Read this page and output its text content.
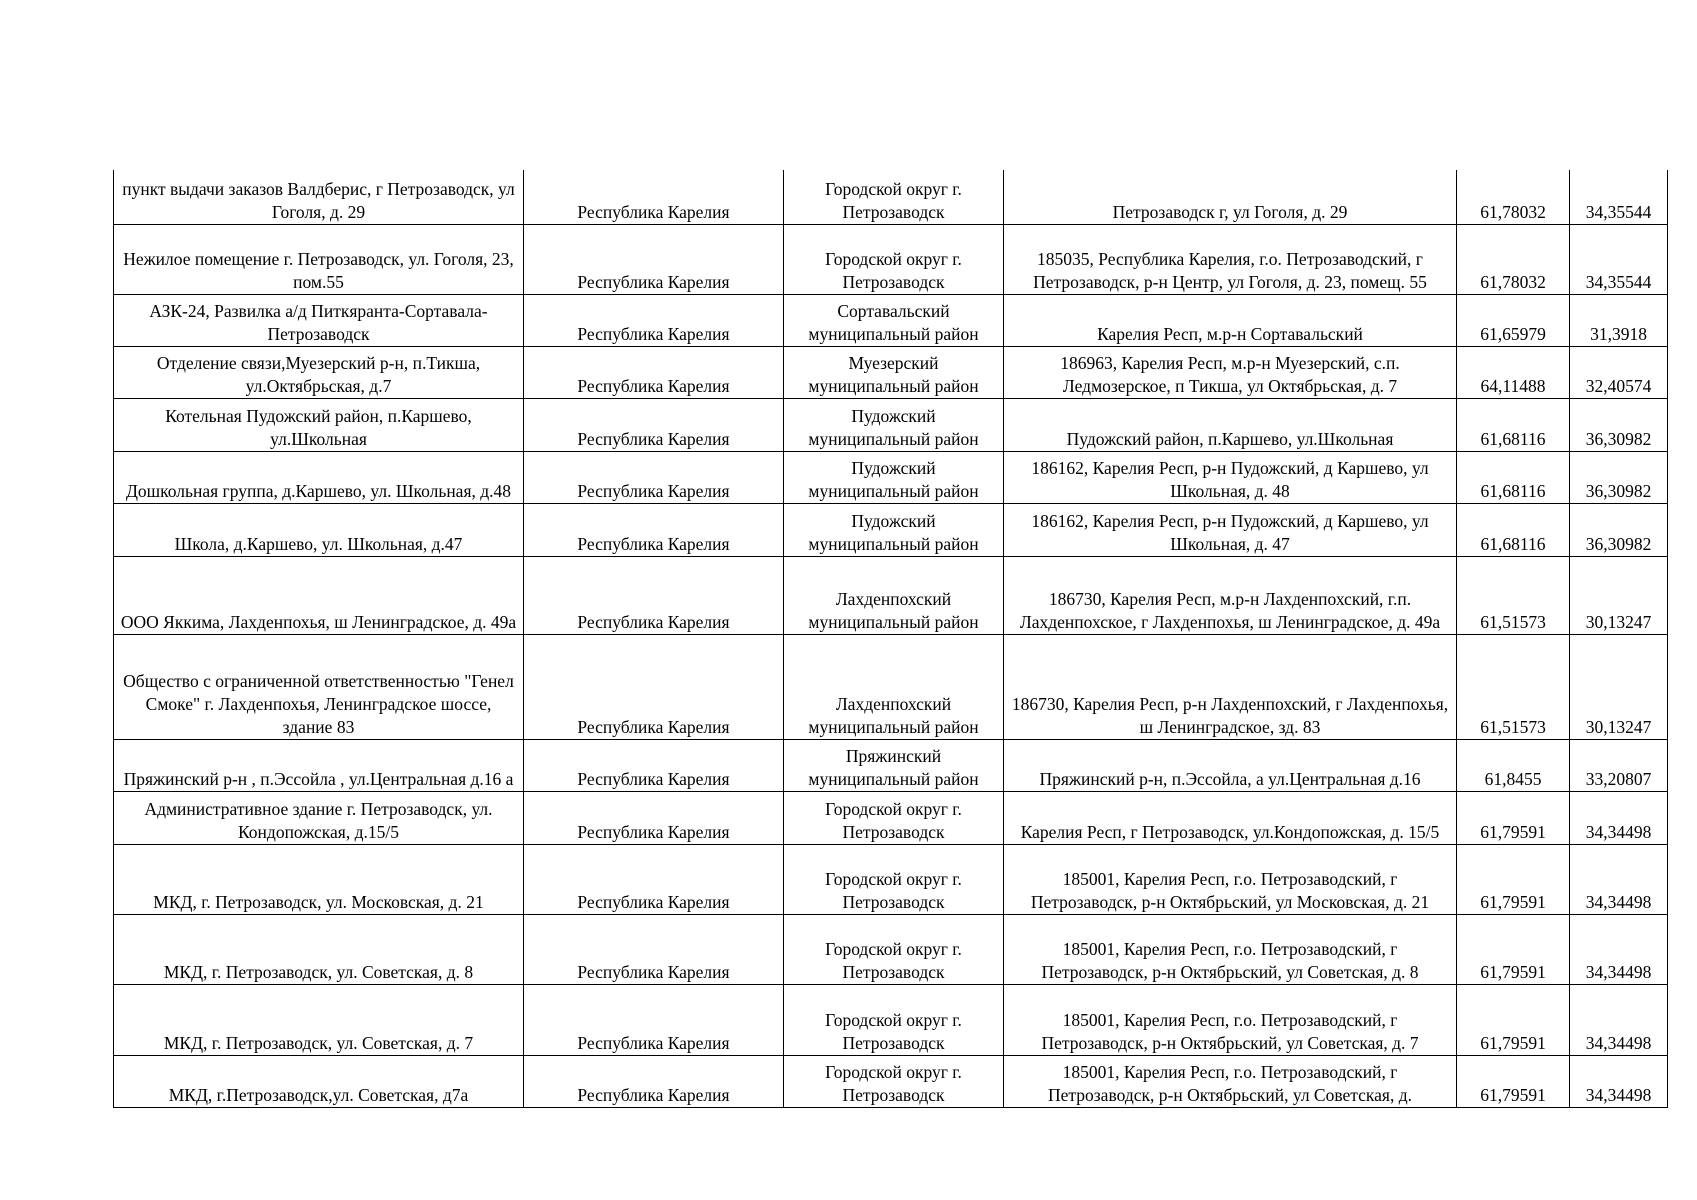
пункт выдачи заказов Валдберис, г Петрозаводск, ул Гоголя, д. 29	Республика Карелия	Городской округ г. Петрозаводск	Петрозаводск г, ул Гоголя, д. 29	61,78032	34,35544
Нежилое помещение г. Петрозаводск, ул. Гоголя, 23, пом.55	Республика Карелия	Городской округ г. Петрозаводск	185035, Республика Карелия, г.о. Петрозаводский, г Петрозаводск, р-н Центр, ул Гоголя, д. 23, помещ. 55	61,78032	34,35544
АЗК-24, Развилка а/д Питкяранта-Сортавала-Петрозаводск	Республика Карелия	Сортавальский муниципальный район	Карелия Респ, м.р-н Сортавальский	61,65979	31,3918
Отделение связи,Муезерский р-н, п.Тикша, ул.Октябрьская, д.7	Республика Карелия	Муезерский муниципальный район	186963, Карелия Респ, м.р-н Муезерский, с.п. Ледмозерское, п Тикша, ул Октябрьская, д. 7	64,11488	32,40574
Котельная Пудожский район, п.Каршево, ул.Школьная	Республика Карелия	Пудожский муниципальный район	Пудожский район, п.Каршево, ул.Школьная	61,68116	36,30982
Дошкольная группа, д.Каршево, ул. Школьная, д.48	Республика Карелия	Пудожский муниципальный район	186162, Карелия Респ, р-н Пудожский, д Каршево, ул Школьная, д. 48	61,68116	36,30982
Школа, д.Каршево, ул. Школьная, д.47	Республика Карелия	Пудожский муниципальный район	186162, Карелия Респ, р-н Пудожский, д Каршево, ул Школьная, д. 47	61,68116	36,30982
ООО Яккима, Лахденпохья, ш Ленинградское, д. 49а	Республика Карелия	Лахденпохский муниципальный район	186730, Карелия Респ, м.р-н Лахденпохский, г.п. Лахденпохское, г Лахденпохья, ш Ленинградское, д. 49а	61,51573	30,13247
Общество с ограниченной ответственностью "Генел Смоке" г. Лахденпохья, Ленинградское шоссе, здание 83	Республика Карелия	Лахденпохский муниципальный район	186730, Карелия Респ, р-н Лахденпохский, г Лахденпохья, ш Ленинградское, зд. 83	61,51573	30,13247
Пряжинский р-н , п.Эссойла , ул.Центральная д.16 а	Республика Карелия	Пряжинский муниципальный район	Пряжинский р-н, п.Эссойла, а ул.Центральная д.16	61,8455	33,20807
Административное здание г. Петрозаводск, ул. Кондопожская, д.15/5	Республика Карелия	Городской округ г. Петрозаводск	Карелия Респ, г Петрозаводск, ул.Кондопожская, д. 15/5	61,79591	34,34498
МКД, г. Петрозаводск, ул. Московская, д. 21	Республика Карелия	Городской округ г. Петрозаводск	185001, Карелия Респ, г.о. Петрозаводский, г Петрозаводск, р-н Октябрьский, ул Московская, д. 21	61,79591	34,34498
МКД, г. Петрозаводск, ул. Советская, д. 8	Республика Карелия	Городской округ г. Петрозаводск	185001, Карелия Респ, г.о. Петрозаводский, г Петрозаводск, р-н Октябрьский, ул Советская, д. 8	61,79591	34,34498
МКД, г. Петрозаводск, ул. Советская, д. 7	Республика Карелия	Городской округ г. Петрозаводск	185001, Карелия Респ, г.о. Петрозаводский, г Петрозаводск, р-н Октябрьский, ул Советская, д. 7	61,79591	34,34498
МКД, г.Петрозаводск,ул. Советская, д7а	Республика Карелия	Городской округ г. Петрозаводск	185001, Карелия Респ, г.о. Петрозаводский, г Петрозаводск, р-н Октябрьский, ул Советская, д.	61,79591	34,34498
